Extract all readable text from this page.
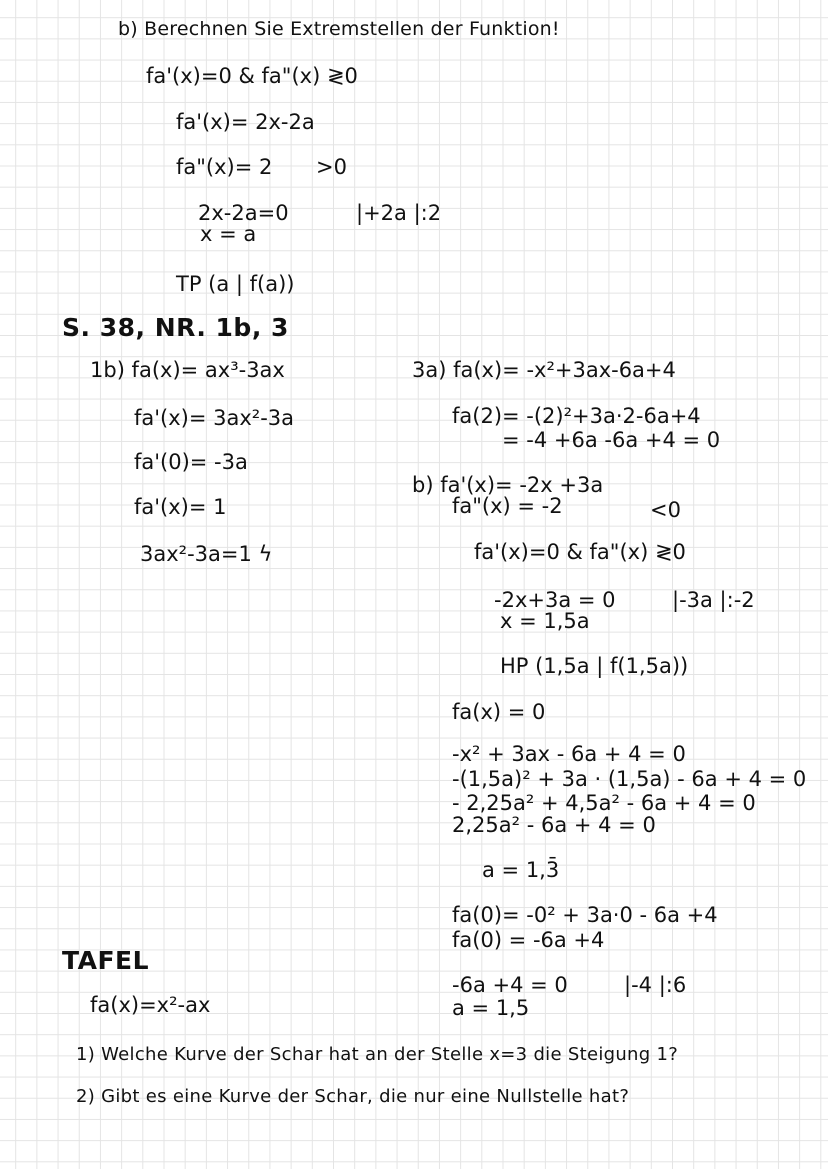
b) Berechnen Sie Extremstellen der Funktion!
fa'(x)=0 & fa"(x) ≷0
fa'(x)= 2x-2a
fa"(x)= 2 >0
2x-2a=0	|+2a |:2
x = a
TP (a | f(a))
S. 38, NR. 1b, 3
1b) fa(x)= ax³-3ax
fa'(x)= 3ax²-3a
fa'(0)= -3a
fa'(x)= 1
3ax²-3a=1 ϟ
3a) fa(x)= -x²+3ax-6a+4
fa(2)= -(2)²+3a·2-6a+4
= -4 +6a -6a +4 = 0
b) fa'(x)= -2x +3a
fa"(x) = -2	<0
fa'(x)=0 & fa"(x) ≷0
-2x+3a = 0	|-3a |:-2
x = 1,5a
HP (1,5a | f(1,5a))
fa(x) = 0
-x² + 3ax - 6a + 4 = 0
-(1,5a)² + 3a · (1,5a) - 6a + 4 = 0
- 2,25a² + 4,5a² - 6a + 4 = 0
2,25a² - 6a + 4 = 0
a = 1,3̄
fa(0)= -0² + 3a·0 - 6a +4
fa(0) = -6a +4
-6a +4 = 0	|-4 |:6
a = 1,5
TAFEL
fa(x)=x²-ax
1) Welche Kurve der Schar hat an der Stelle x=3 die Steigung 1?
2) Gibt es eine Kurve der Schar, die nur eine Nullstelle hat?
